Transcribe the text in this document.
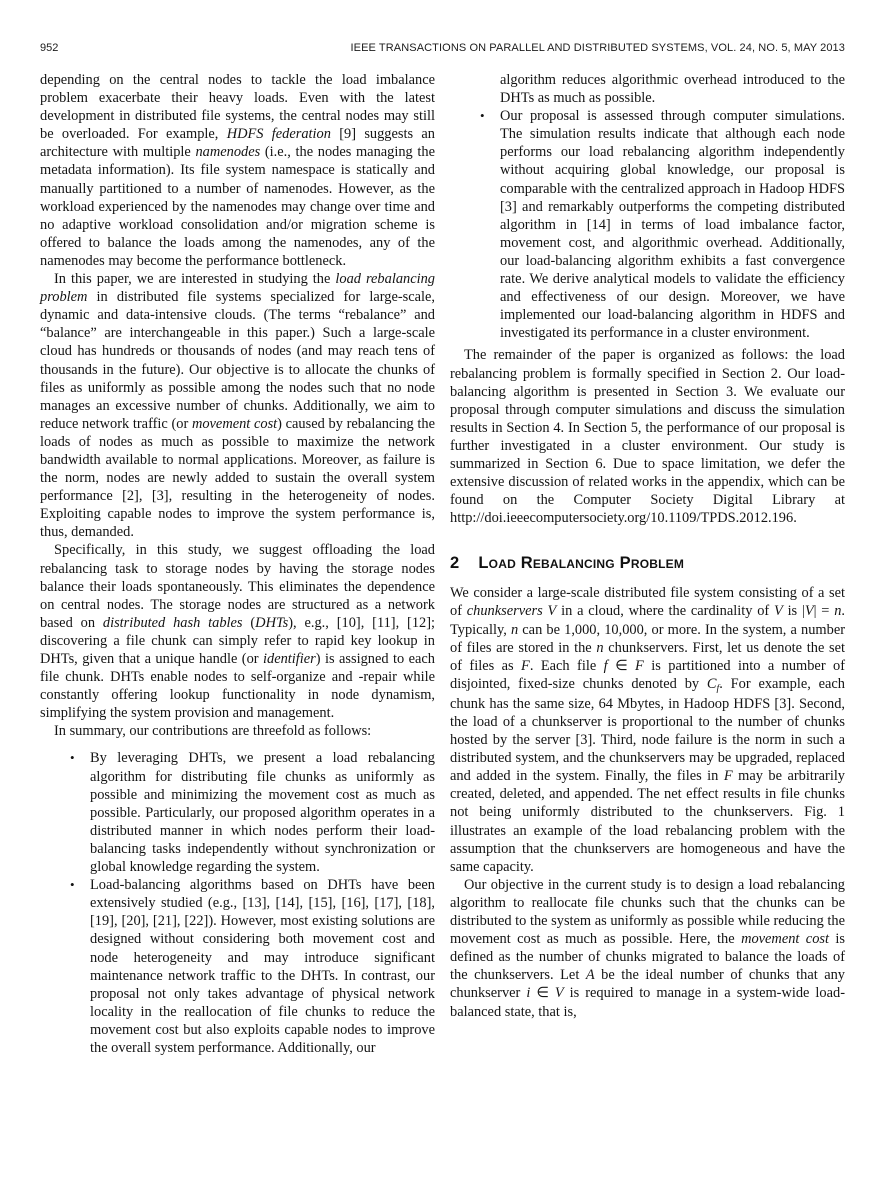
952	IEEE TRANSACTIONS ON PARALLEL AND DISTRIBUTED SYSTEMS, VOL. 24, NO. 5, MAY 2013

depending on the central nodes to tackle the load imbalance problem exacerbate their heavy loads. Even with the latest development in distributed file systems, the central nodes may still be overloaded. For example, HDFS federation [9] suggests an architecture with multiple namenodes (i.e., the nodes managing the metadata information). Its file system namespace is statically and manually partitioned to a number of namenodes. However, as the workload experienced by the namenodes may change over time and no adaptive workload consolidation and/or migration scheme is offered to balance the loads among the namenodes, any of the namenodes may become the performance bottleneck.

In this paper, we are interested in studying the load rebalancing problem in distributed file systems specialized for large-scale, dynamic and data-intensive clouds. (The terms “rebalance” and “balance” are interchangeable in this paper.) Such a large-scale cloud has hundreds or thousands of nodes (and may reach tens of thousands in the future). Our objective is to allocate the chunks of files as uniformly as possible among the nodes such that no node manages an excessive number of chunks. Additionally, we aim to reduce network traffic (or movement cost) caused by rebalancing the loads of nodes as much as possible to maximize the network bandwidth available to normal applications. Moreover, as failure is the norm, nodes are newly added to sustain the overall system performance [2], [3], resulting in the heterogeneity of nodes. Exploiting capable nodes to improve the system performance is, thus, demanded.

Specifically, in this study, we suggest offloading the load rebalancing task to storage nodes by having the storage nodes balance their loads spontaneously. This eliminates the dependence on central nodes. The storage nodes are structured as a network based on distributed hash tables (DHTs), e.g., [10], [11], [12]; discovering a file chunk can simply refer to rapid key lookup in DHTs, given that a unique handle (or identifier) is assigned to each file chunk. DHTs enable nodes to self-organize and -repair while constantly offering lookup functionality in node dynamism, simplifying the system provision and management.

In summary, our contributions are threefold as follows:

• By leveraging DHTs, we present a load rebalancing algorithm for distributing file chunks as uniformly as possible and minimizing the movement cost as much as possible. Particularly, our proposed algorithm operates in a distributed manner in which nodes perform their load-balancing tasks independently without synchronization or global knowledge regarding the system.
• Load-balancing algorithms based on DHTs have been extensively studied (e.g., [13], [14], [15], [16], [17], [18], [19], [20], [21], [22]). However, most existing solutions are designed without considering both movement cost and node heterogeneity and may introduce significant maintenance network traffic to the DHTs. In contrast, our proposal not only takes advantage of physical network locality in the reallocation of file chunks to reduce the movement cost but also exploits capable nodes to improve the overall system performance. Additionally, our
algorithm reduces algorithmic overhead introduced to the DHTs as much as possible.
• Our proposal is assessed through computer simulations. The simulation results indicate that although each node performs our load rebalancing algorithm independently without acquiring global knowledge, our proposal is comparable with the centralized approach in Hadoop HDFS [3] and remarkably outperforms the competing distributed algorithm in [14] in terms of load imbalance factor, movement cost, and algorithmic overhead. Additionally, our load-balancing algorithm exhibits a fast convergence rate. We derive analytical models to validate the efficiency and effectiveness of our design. Moreover, we have implemented our load-balancing algorithm in HDFS and investigated its performance in a cluster environment.

The remainder of the paper is organized as follows: the load rebalancing problem is formally specified in Section 2. Our load-balancing algorithm is presented in Section 3. We evaluate our proposal through computer simulations and discuss the simulation results in Section 4. In Section 5, the performance of our proposal is further investigated in a cluster environment. Our study is summarized in Section 6. Due to space limitation, we defer the extensive discussion of related works in the appendix, which can be found on the Computer Society Digital Library at http://doi.ieeecomputersociety.org/10.1109/TPDS.2012.196.

2 Load Rebalancing Problem

We consider a large-scale distributed file system consisting of a set of chunkservers V in a cloud, where the cardinality of V is |V| = n. Typically, n can be 1,000, 10,000, or more. In the system, a number of files are stored in the n chunkservers. First, let us denote the set of files as F. Each file f ∈ F is partitioned into a number of disjointed, fixed-size chunks denoted by $C_f$. For example, each chunk has the same size, 64 Mbytes, in Hadoop HDFS [3]. Second, the load of a chunkserver is proportional to the number of chunks hosted by the server [3]. Third, node failure is the norm in such a distributed system, and the chunkservers may be upgraded, replaced and added in the system. Finally, the files in F may be arbitrarily created, deleted, and appended. The net effect results in file chunks not being uniformly distributed to the chunkservers. Fig. 1 illustrates an example of the load rebalancing problem with the assumption that the chunkservers are homogeneous and have the same capacity.

Our objective in the current study is to design a load rebalancing algorithm to reallocate file chunks such that the chunks can be distributed to the system as uniformly as possible while reducing the movement cost as much as possible. Here, the movement cost is defined as the number of chunks migrated to balance the loads of the chunkservers. Let A be the ideal number of chunks that any chunkserver i ∈ V is required to manage in a system-wide load-balanced state, that is,
